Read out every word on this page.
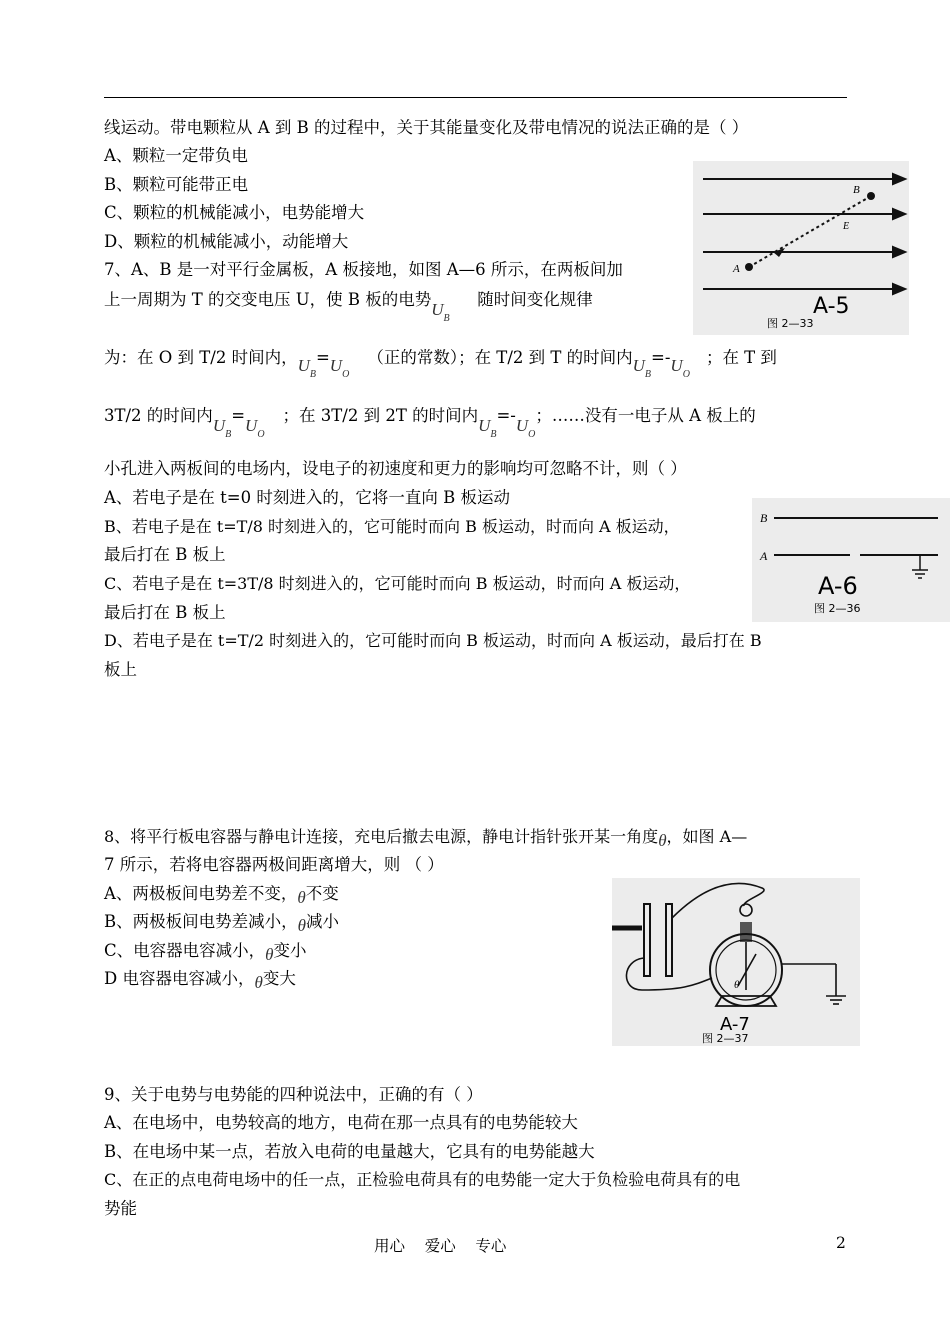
线运动。带电颗粒从 A 到 B 的过程中，关于其能量变化及带电情况的说法正确的是（ ）
A、颗粒一定带负电
B、颗粒可能带正电
C、颗粒的机械能减小，电势能增大
D、颗粒的机械能减小，动能增大
A
B
E
A-5
图 2—33
7、A、B 是一对平行金属板，A 板接地，如图 A—6 所示，在两板间加
上一周期为 T 的交变电压 U，使 B 板的电势$U_B$随时间变化规律
为：在 O 到 T/2 时间内，$U_B=U_O$（正的常数）；在 T/2 到 T 的时间内$U_B=-U_O$；在 T 到
3T/2 的时间内$U_B=U_O$；在 3T/2 到 2T 的时间内$U_B=-U_O$；……没有一电子从 A 板上的
小孔进入两板间的电场内，设电子的初速度和更力的影响均可忽略不计，则（ ）
A、若电子是在 t=0 时刻进入的，它将一直向 B 板运动
B、若电子是在 t=T/8 时刻进入的，它可能时而向 B 板运动，时而向 A 板运动，
最后打在 B 板上
C、若电子是在 t=3T/8 时刻进入的，它可能时而向 B 板运动，时而向 A 板运动，
最后打在 B 板上
D、若电子是在 t=T/2 时刻进入的，它可能时而向 B 板运动，时而向 A 板运动，最后打在 B
板上
B
A
A-6
图 2—36
8、将平行板电容器与静电计连接，充电后撤去电源，静电计指针张开某一角度θ，如图 A—
7 所示，若将电容器两极间距离增大，则 （ ）
A、两极板间电势差不变，θ不变
B、两极板间电势差减小，θ减小
C、电容器电容减小，θ变小
D 电容器电容减小，θ变大	θ
A-7
图 2—37
9、关于电势与电势能的四种说法中，正确的有（ ）
A、在电场中，电势较高的地方，电荷在那一点具有的电势能较大
B、在电场中某一点，若放入电荷的电量越大，它具有的电势能越大
C、在正的点电荷电场中的任一点，正检验电荷具有的电势能一定大于负检验电荷具有的电
势能
用心    爱心    专心	2
